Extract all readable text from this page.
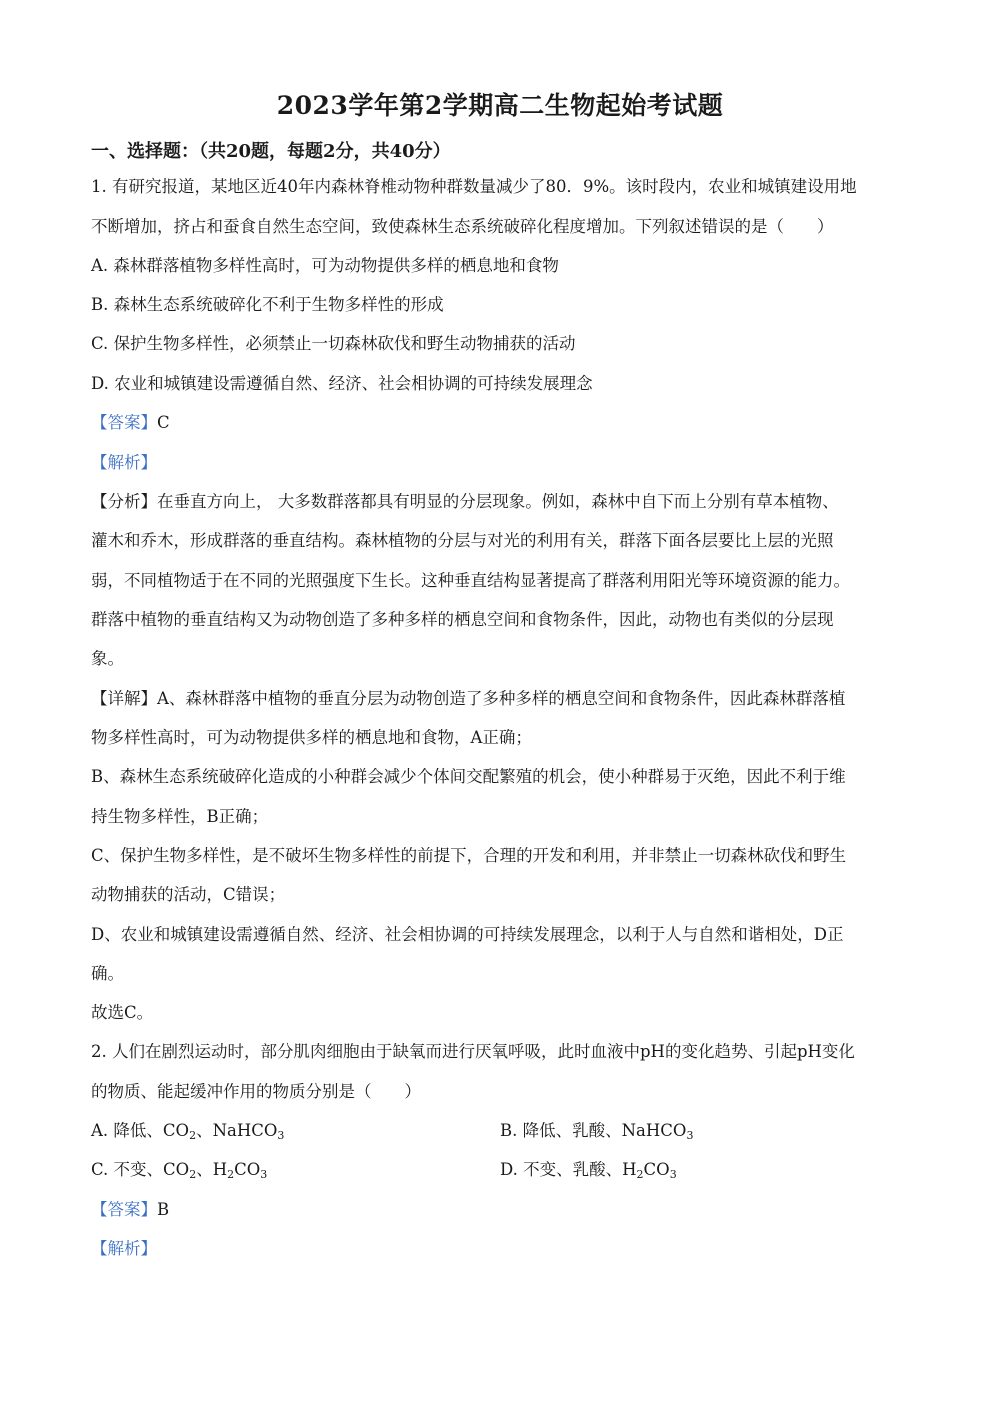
2023学年第2学期高二生物起始考试题
一、选择题：（共20题，每题2分，共40分）
1. 有研究报道，某地区近40年内森林脊椎动物种群数量减少了80．9%。该时段内，农业和城镇建设用地
不断增加，挤占和蚕食自然生态空间，致使森林生态系统破碎化程度增加。下列叙述错误的是（　　）
A. 森林群落植物多样性高时，可为动物提供多样的栖息地和食物
B. 森林生态系统破碎化不利于生物多样性的形成
C. 保护生物多样性，必须禁止一切森林砍伐和野生动物捕获的活动
D. 农业和城镇建设需遵循自然、经济、社会相协调的可持续发展理念
【答案】C
【解析】
【分析】在垂直方向上， 大多数群落都具有明显的分层现象。例如，森林中自下而上分别有草本植物、
灌木和乔木，形成群落的垂直结构。森林植物的分层与对光的利用有关，群落下面各层要比上层的光照
弱，不同植物适于在不同的光照强度下生长。这种垂直结构显著提高了群落利用阳光等环境资源的能力。
群落中植物的垂直结构又为动物创造了多种多样的栖息空间和食物条件，因此，动物也有类似的分层现
象。
【详解】A、森林群落中植物的垂直分层为动物创造了多种多样的栖息空间和食物条件，因此森林群落植
物多样性高时，可为动物提供多样的栖息地和食物，A正确；
B、森林生态系统破碎化造成的小种群会减少个体间交配繁殖的机会，使小种群易于灭绝，因此不利于维
持生物多样性，B正确；
C、保护生物多样性，是不破坏生物多样性的前提下，合理的开发和利用，并非禁止一切森林砍伐和野生
动物捕获的活动，C错误；
D、农业和城镇建设需遵循自然、经济、社会相协调的可持续发展理念，以利于人与自然和谐相处，D正
确。
故选C。
2. 人们在剧烈运动时，部分肌肉细胞由于缺氧而进行厌氧呼吸，此时血液中pH的变化趋势、引起pH变化
的物质、能起缓冲作用的物质分别是（　　）
A. 降低、$CO_2$、NaHCO$_3$	B. 降低、乳酸、NaHCO$_3$
C. 不变、$CO_2$、$H_2CO_3$	D. 不变、乳酸、$H_2CO_3$
【答案】B
【解析】
